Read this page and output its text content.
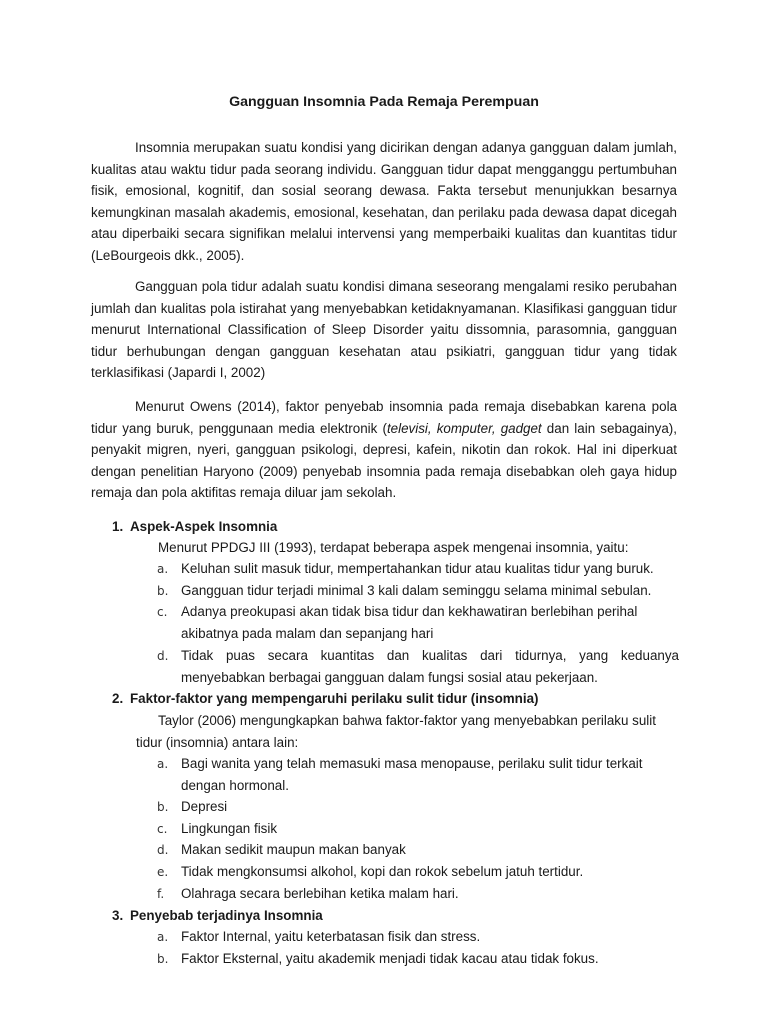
Gangguan Insomnia Pada Remaja Perempuan

Insomnia merupakan suatu kondisi yang dicirikan dengan adanya gangguan dalam jumlah, kualitas atau waktu tidur pada seorang individu. Gangguan tidur dapat mengganggu pertumbuhan fisik, emosional, kognitif, dan sosial seorang dewasa. Fakta tersebut menunjukkan besarnya kemungkinan masalah akademis, emosional, kesehatan, dan perilaku pada dewasa dapat dicegah atau diperbaiki secara signifikan melalui intervensi yang memperbaiki kualitas dan kuantitas tidur (LeBourgeois dkk., 2005).

Gangguan pola tidur adalah suatu kondisi dimana seseorang mengalami resiko perubahan jumlah dan kualitas pola istirahat yang menyebabkan ketidaknyamanan. Klasifikasi gangguan tidur menurut International Classification of Sleep Disorder yaitu dissomnia, parasomnia, gangguan tidur berhubungan dengan gangguan kesehatan atau psikiatri, gangguan tidur yang tidak terklasifikasi (Japardi I, 2002)

Menurut Owens (2014), faktor penyebab insomnia pada remaja disebabkan karena pola tidur yang buruk, penggunaan media elektronik (televisi, komputer, gadget dan lain sebagainya), penyakit migren, nyeri, gangguan psikologi, depresi, kafein, nikotin dan rokok. Hal ini diperkuat dengan penelitian Haryono (2009) penyebab insomnia pada remaja disebabkan oleh gaya hidup remaja dan pola aktifitas remaja diluar jam sekolah.

1. Aspek-Aspek Insomnia
Menurut PPDGJ III (1993), terdapat beberapa aspek mengenai insomnia, yaitu:
a. Keluhan sulit masuk tidur, mempertahankan tidur atau kualitas tidur yang buruk.
b. Gangguan tidur terjadi minimal 3 kali dalam seminggu selama minimal sebulan.
c. Adanya preokupasi akan tidak bisa tidur dan kekhawatiran berlebihan perihal akibatnya pada malam dan sepanjang hari
d. Tidak puas secara kuantitas dan kualitas dari tidurnya, yang keduanya menyebabkan berbagai gangguan dalam fungsi sosial atau pekerjaan.
2. Faktor-faktor yang mempengaruhi perilaku sulit tidur (insomnia)
Taylor (2006) mengungkapkan bahwa faktor-faktor yang menyebabkan perilaku sulit tidur (insomnia) antara lain:
a. Bagi wanita yang telah memasuki masa menopause, perilaku sulit tidur terkait dengan hormonal.
b. Depresi
c. Lingkungan fisik
d. Makan sedikit maupun makan banyak
e. Tidak mengkonsumsi alkohol, kopi dan rokok sebelum jatuh tertidur.
f. Olahraga secara berlebihan ketika malam hari.
3. Penyebab terjadinya Insomnia
a. Faktor Internal, yaitu keterbatasan fisik dan stress.
b. Faktor Eksternal, yaitu akademik menjadi tidak kacau atau tidak fokus.
